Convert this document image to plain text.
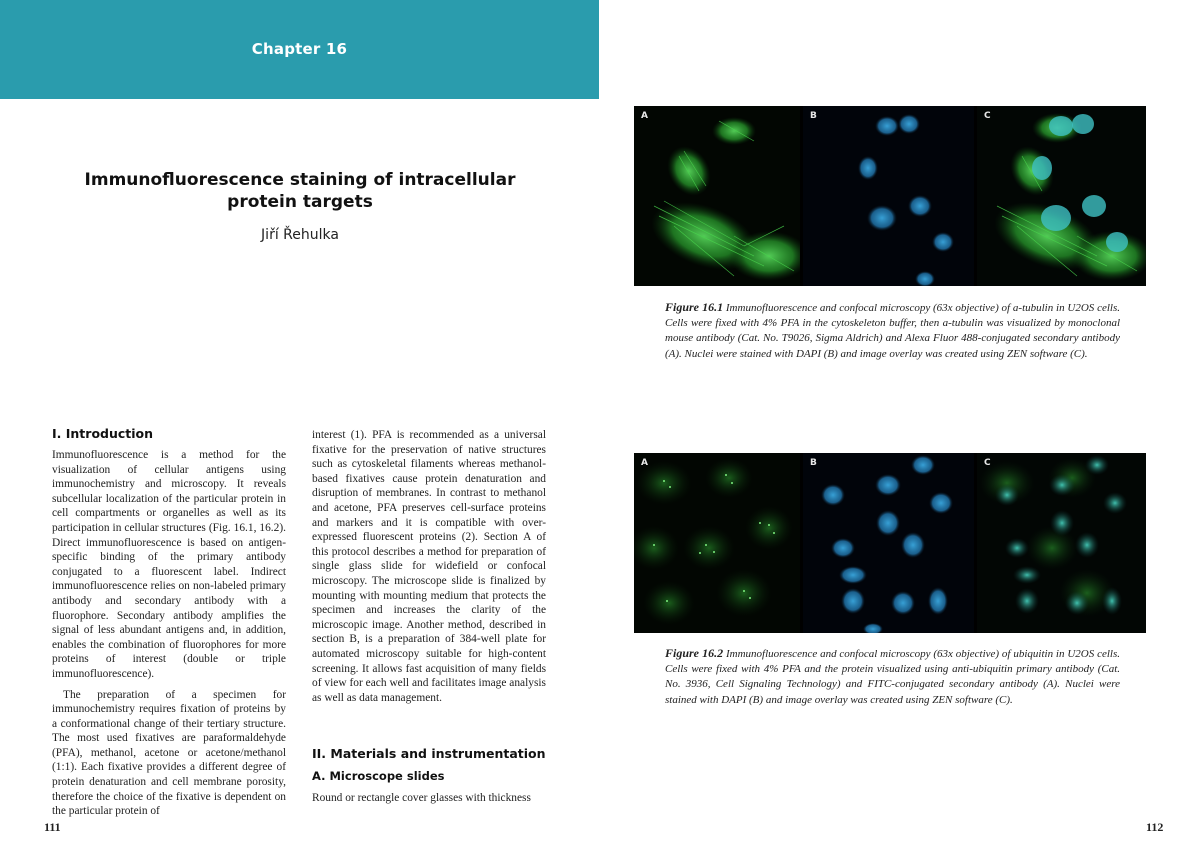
Chapter 16
Immunofluorescence staining of intracellular protein targets
Jiří Řehulka
I. Introduction

Immunofluorescence is a method for the visualization of cellular antigens using immunochemistry and microscopy. It reveals subcellular localization of the particular protein in cell compartments or organelles as well as its participation in cellular structures (Fig. 16.1, 16.2). Direct immunofluorescence is based on antigen-specific binding of the primary antibody conjugated to a fluorescent label. Indirect immunofluorescence relies on non-labeled primary antibody and secondary antibody with a fluorophore. Secondary antibody amplifies the signal of less abundant antigens and, in addition, enables the combination of fluorophores for more proteins of interest (double or triple immunofluorescence).

The preparation of a specimen for immunochemistry requires fixation of proteins by a conformational change of their tertiary structure. The most used fixatives are paraformaldehyde (PFA), methanol, acetone or acetone/methanol (1:1). Each fixative provides a different degree of protein denaturation and cell membrane porosity, therefore the choice of the fixative is dependent on the particular protein of

interest (1). PFA is recommended as a universal fixative for the preservation of native structures such as cytoskeletal filaments whereas methanol-based fixatives cause protein denaturation and disruption of membranes. In contrast to methanol and acetone, PFA preserves cell-surface proteins and markers and it is compatible with over-expressed fluorescent proteins (2). Section A of this protocol describes a method for preparation of single glass slide for widefield or confocal microscopy. The microscope slide is finalized by mounting with mounting medium that protects the specimen and increases the clarity of the microscopic image. Another method, described in section B, is a preparation of 384-well plate for automated microscopy suitable for high-content screening. It allows fast acquisition of many fields of view for each well and facilitates image analysis as well as data management.

II. Materials and instrumentation
A. Microscope slides

Round or rectangle cover glasses with thickness

111
A	B	C
Figure 16.1 Immunofluorescence and confocal microscopy (63x objective) of a-tubulin in U2OS cells. Cells were fixed with 4% PFA in the cytoskeleton buffer, then a-tubulin was visualized by monoclonal mouse antibody (Cat. No. T9026, Sigma Aldrich) and Alexa Fluor 488-conjugated secondary antibody (A). Nuclei were stained with DAPI (B) and image overlay was created using ZEN software (C).
A	B	C
Figure 16.2 Immunofluorescence and confocal microscopy (63x objective) of ubiquitin in U2OS cells. Cells were fixed with 4% PFA and the protein visualized using anti-ubiquitin primary antibody (Cat. No. 3936, Cell Signaling Technology) and FITC-conjugated secondary antibody (A). Nuclei were stained with DAPI (B) and image overlay was created using ZEN software (C).
112
